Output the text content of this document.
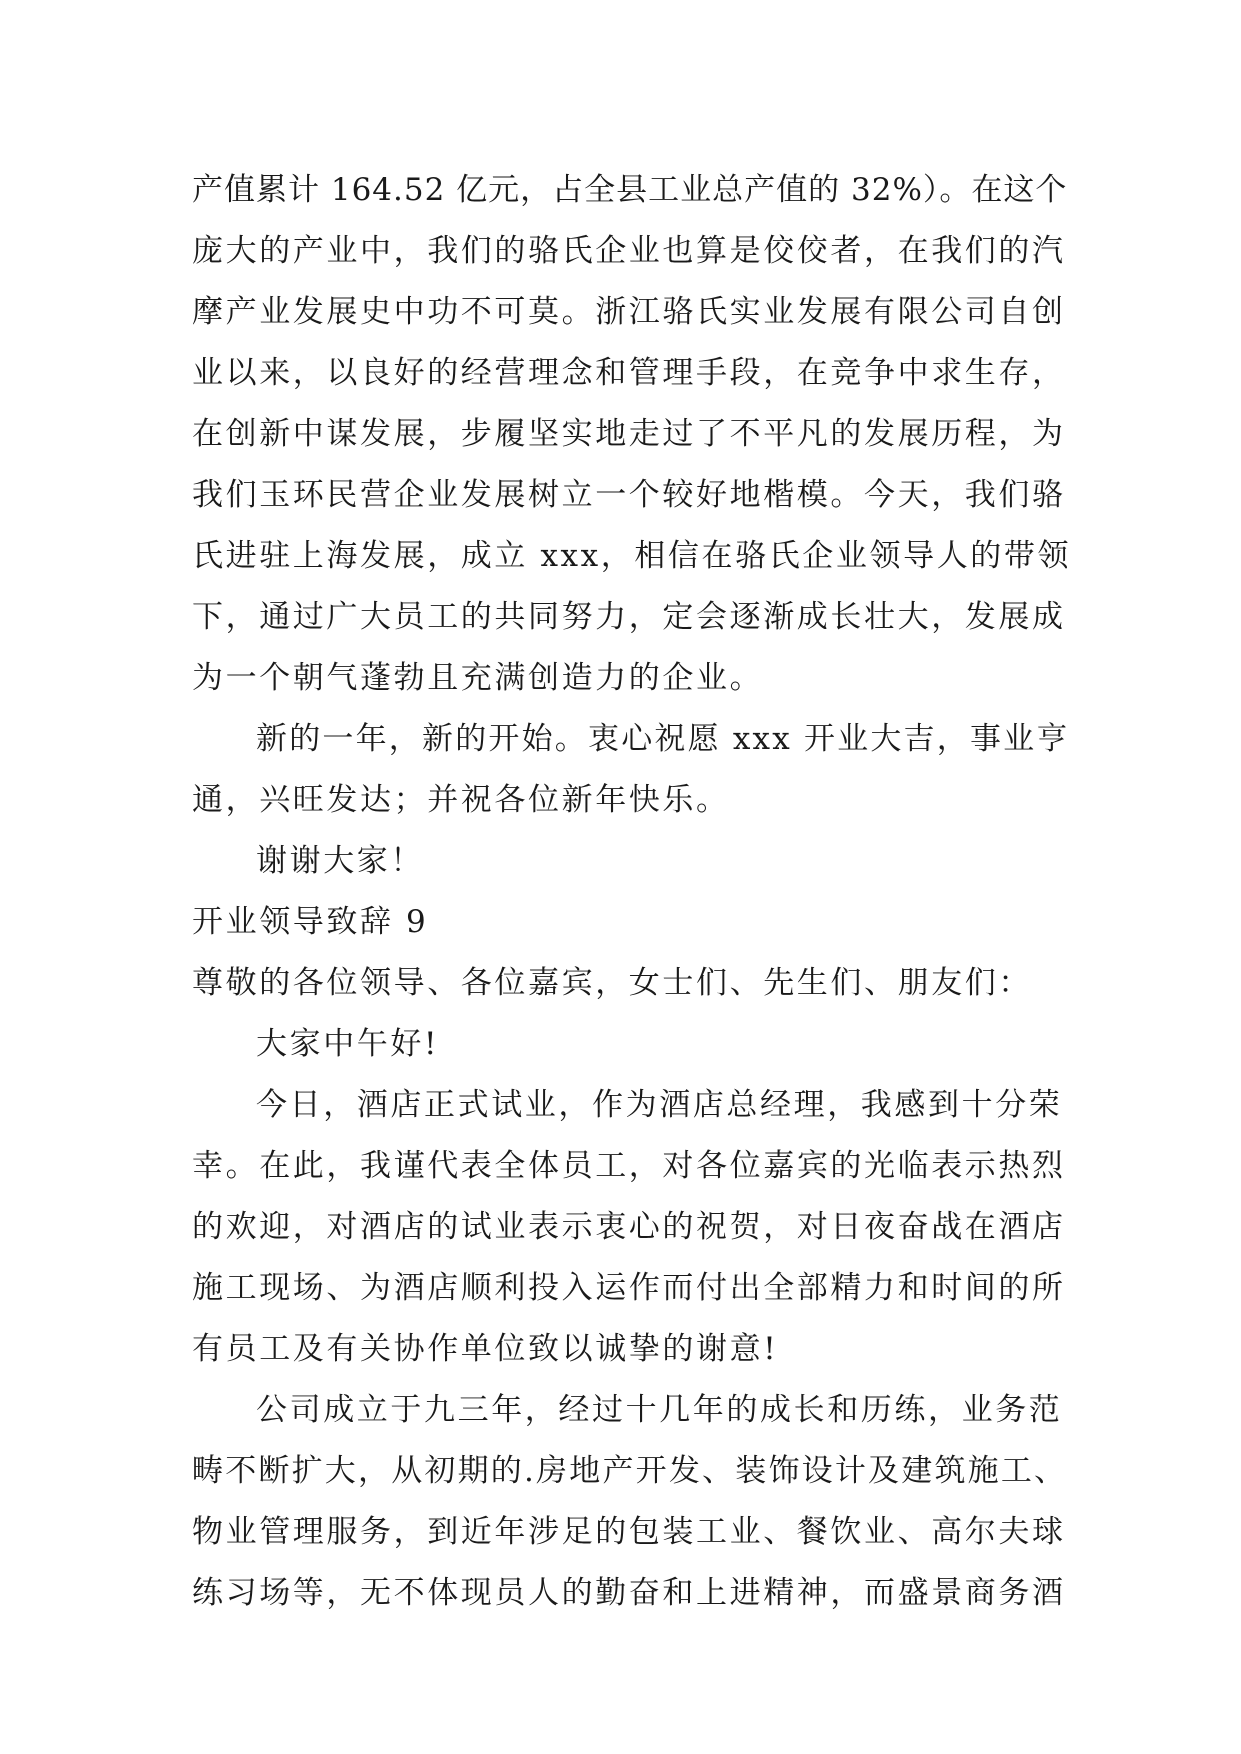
产值累计 164.52 亿元，占全县工业总产值的 32%）。在这个
庞大的产业中，我们的骆氏企业也算是佼佼者，在我们的汽
摩产业发展史中功不可莫。浙江骆氏实业发展有限公司自创
业以来，以良好的经营理念和管理手段，在竞争中求生存，
在创新中谋发展，步履坚实地走过了不平凡的发展历程，为
我们玉环民营企业发展树立一个较好地楷模。今天，我们骆
氏进驻上海发展，成立 xxx，相信在骆氏企业领导人的带领
下，通过广大员工的共同努力，定会逐渐成长壮大，发展成
为一个朝气蓬勃且充满创造力的企业。
新的一年，新的开始。衷心祝愿 xxx 开业大吉，事业亨
通，兴旺发达；并祝各位新年快乐。
谢谢大家！
开业领导致辞 9
尊敬的各位领导、各位嘉宾，女士们、先生们、朋友们：
大家中午好!
今日，酒店正式试业，作为酒店总经理，我感到十分荣
幸。在此，我谨代表全体员工，对各位嘉宾的光临表示热烈
的欢迎，对酒店的试业表示衷心的祝贺，对日夜奋战在酒店
施工现场、为酒店顺利投入运作而付出全部精力和时间的所
有员工及有关协作单位致以诚挚的谢意!
公司成立于九三年，经过十几年的成长和历练，业务范
畴不断扩大，从初期的.房地产开发、装饰设计及建筑施工、
物业管理服务，到近年涉足的包装工业、餐饮业、高尔夫球
练习场等，无不体现员人的勤奋和上进精神，而盛景商务酒
